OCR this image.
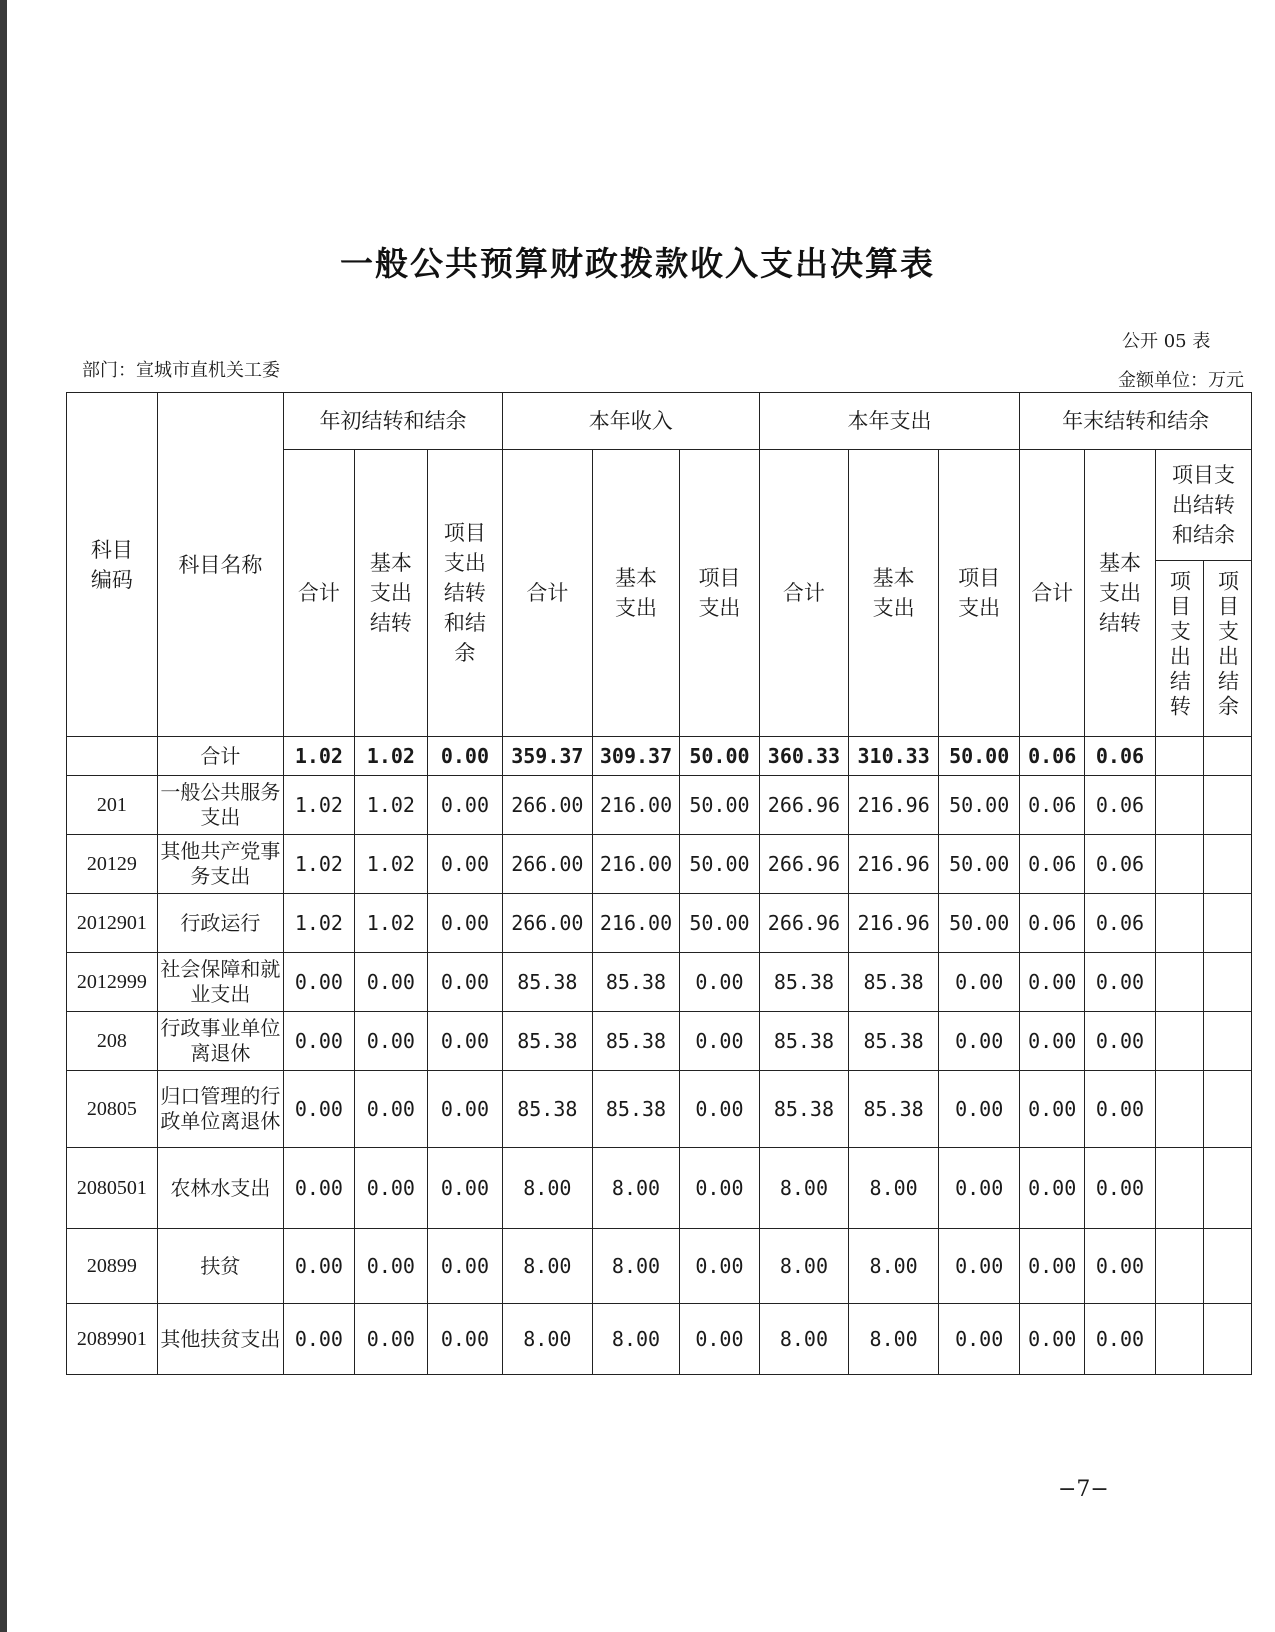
一般公共预算财政拨款收入支出决算表
公开 05 表
部门：宣城市直机关工委	金额单位：万元
科目编码	科目名称	年初结转和结余			本年收入			本年支出			年末结转和结余			
		合计	基本支出结转	项目支出结转和结余	合计	基本支出	项目支出	合计	基本支出	项目支出	合计	基本支出结转	项目支出结转和结余	

													项目支出结转	项目支出结余
	合计	1.02	1.02	0.00	359.37	309.37	50.00	360.33	310.33	50.00	0.06	0.06		
201	一般公共服务支出	1.02	1.02	0.00	266.00	216.00	50.00	266.96	216.96	50.00	0.06	0.06		
20129	其他共产党事务支出	1.02	1.02	0.00	266.00	216.00	50.00	266.96	216.96	50.00	0.06	0.06		
2012901	行政运行	1.02	1.02	0.00	266.00	216.00	50.00	266.96	216.96	50.00	0.06	0.06		
2012999	社会保障和就业支出	0.00	0.00	0.00	85.38	85.38	0.00	85.38	85.38	0.00	0.00	0.00		
208	行政事业单位离退休	0.00	0.00	0.00	85.38	85.38	0.00	85.38	85.38	0.00	0.00	0.00		
20805	归口管理的行政单位离退休	0.00	0.00	0.00	85.38	85.38	0.00	85.38	85.38	0.00	0.00	0.00		
2080501	农林水支出	0.00	0.00	0.00	8.00	8.00	0.00	8.00	8.00	0.00	0.00	0.00		
20899	扶贫	0.00	0.00	0.00	8.00	8.00	0.00	8.00	8.00	0.00	0.00	0.00		
2089901	其他扶贫支出	0.00	0.00	0.00	8.00	8.00	0.00	8.00	8.00	0.00	0.00	0.00		
−7−
